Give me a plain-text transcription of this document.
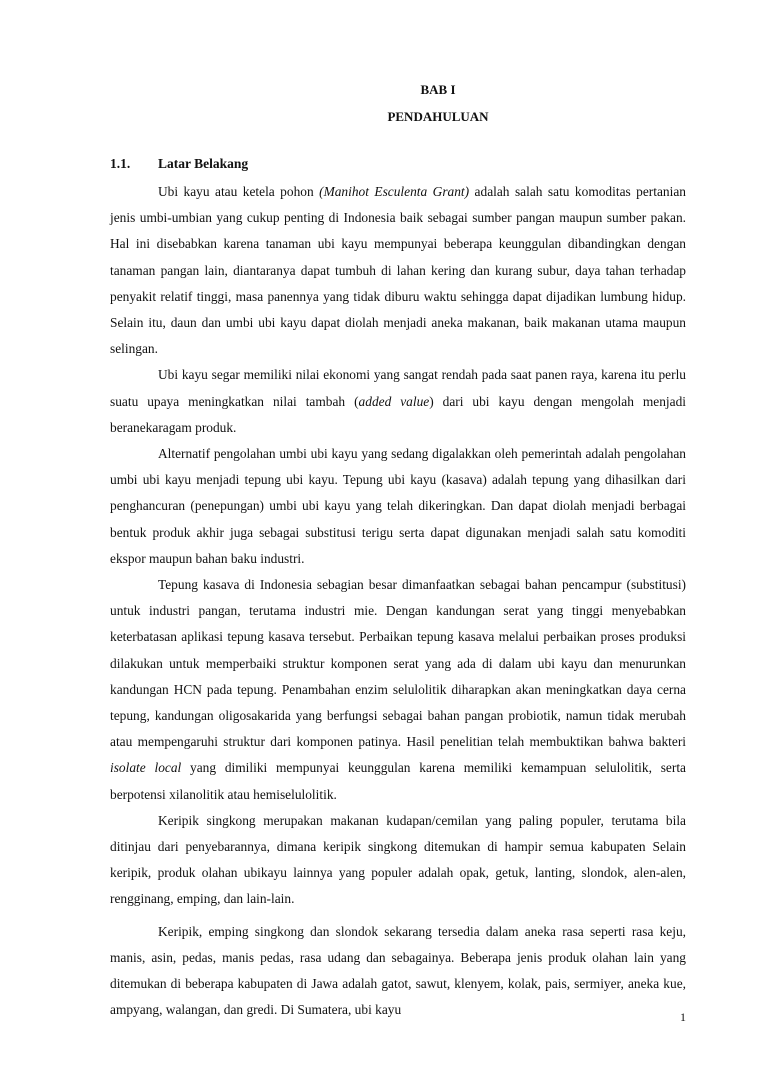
BAB I
PENDAHULUAN
1.1. Latar Belakang

Ubi kayu atau ketela pohon (Manihot Esculenta Grant) adalah salah satu komoditas pertanian jenis umbi-umbian yang cukup penting di Indonesia baik sebagai sumber pangan maupun sumber pakan. Hal ini disebabkan karena tanaman ubi kayu mempunyai beberapa keunggulan dibandingkan dengan tanaman pangan lain, diantaranya dapat tumbuh di lahan kering dan kurang subur, daya tahan terhadap penyakit relatif tinggi, masa panennya yang tidak diburu waktu sehingga dapat dijadikan lumbung hidup. Selain itu, daun dan umbi ubi kayu dapat diolah menjadi aneka makanan, baik makanan utama maupun selingan.

Ubi kayu segar memiliki nilai ekonomi yang sangat rendah pada saat panen raya, karena itu perlu suatu upaya meningkatkan nilai tambah (added value) dari ubi kayu dengan mengolah menjadi beranekaragam produk.

Alternatif pengolahan umbi ubi kayu yang sedang digalakkan oleh pemerintah adalah pengolahan umbi ubi kayu menjadi tepung ubi kayu. Tepung ubi kayu (kasava) adalah tepung yang dihasilkan dari penghancuran (penepungan) umbi ubi kayu yang telah dikeringkan. Dan dapat diolah menjadi berbagai bentuk produk akhir juga sebagai substitusi terigu serta dapat digunakan menjadi salah satu komoditi ekspor maupun bahan baku industri.

Tepung kasava di Indonesia sebagian besar dimanfaatkan sebagai bahan pencampur (substitusi) untuk industri pangan, terutama industri mie. Dengan kandungan serat yang tinggi menyebabkan keterbatasan aplikasi tepung kasava tersebut. Perbaikan tepung kasava melalui perbaikan proses produksi dilakukan untuk memperbaiki struktur komponen serat yang ada di dalam ubi kayu dan menurunkan kandungan HCN pada tepung. Penambahan enzim selulolitik diharapkan akan meningkatkan daya cerna tepung, kandungan oligosakarida yang berfungsi sebagai bahan pangan probiotik, namun tidak merubah atau mempengaruhi struktur dari komponen patinya. Hasil penelitian telah membuktikan bahwa bakteri isolate local yang dimiliki mempunyai keunggulan karena memiliki kemampuan selulolitik, serta berpotensi xilanolitik atau hemiselulolitik.

Keripik singkong merupakan makanan kudapan/cemilan yang paling populer, terutama bila ditinjau dari penyebarannya, dimana keripik singkong ditemukan di hampir semua kabupaten Selain keripik, produk olahan ubikayu lainnya yang populer adalah opak, getuk, lanting, slondok, alen-alen, rengginang, emping, dan lain-lain.

Keripik, emping singkong dan slondok sekarang tersedia dalam aneka rasa seperti rasa keju, manis, asin, pedas, manis pedas, rasa udang dan sebagainya. Beberapa jenis produk olahan lain yang ditemukan di beberapa kabupaten di Jawa adalah gatot, sawut, klenyem, kolak, pais, sermiyer, aneka kue, ampyang, walangan, dan gredi. Di Sumatera, ubi kayu	1
